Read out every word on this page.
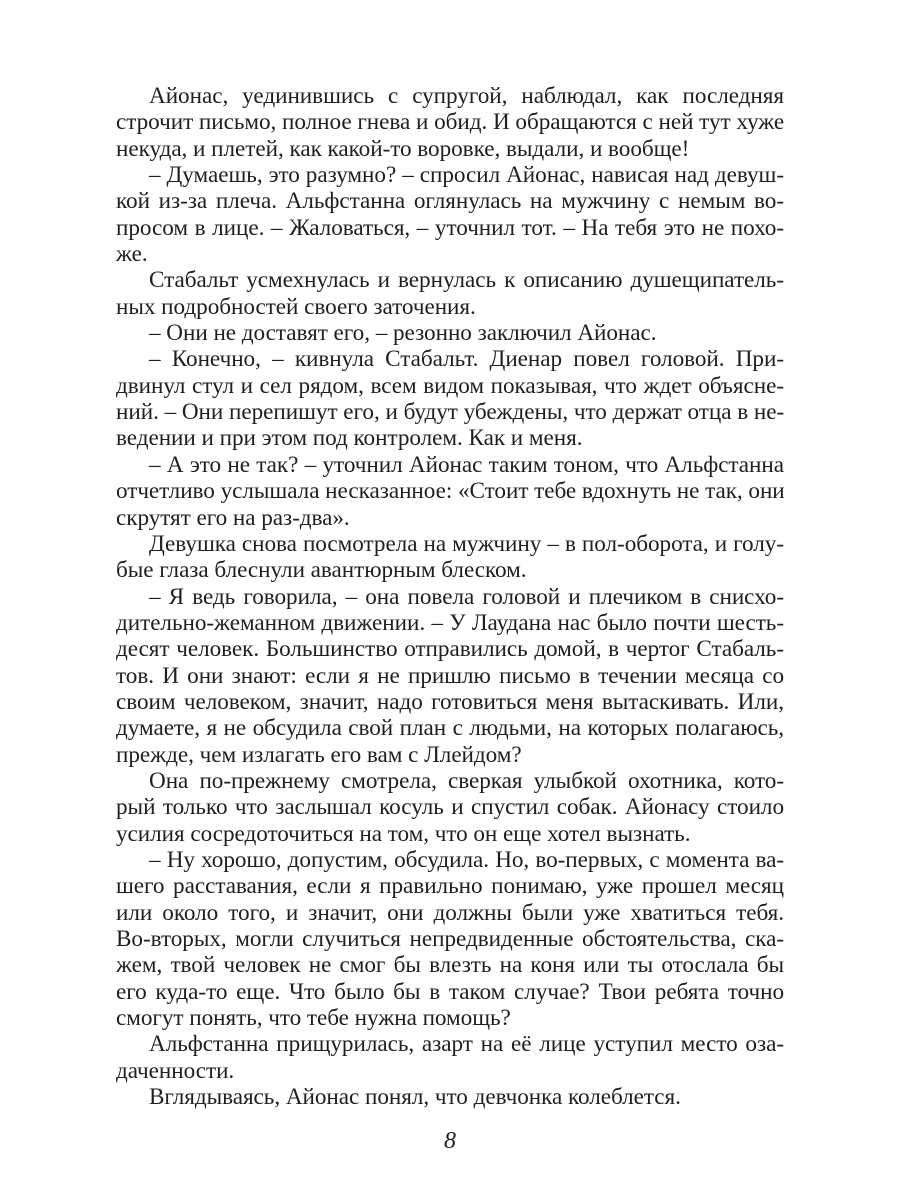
Айонас, уединившись с супругой, наблюдал, как последняя
строчит письмо, полное гнева и обид. И обращаются с ней тут хуже
некуда, и плетей, как какой-то воровке, выдали, и вообще!
– Думаешь, это разумно? – спросил Айонас, нависая над девуш-
кой из-за плеча. Альфстанна оглянулась на мужчину с немым во-
просом в лице. – Жаловаться, – уточнил тот. – На тебя это не похо-
же.
Стабальт усмехнулась и вернулась к описанию душещипатель-
ных подробностей своего заточения.
– Они не доставят его, – резонно заключил Айонас.
– Конечно, – кивнула Стабальт. Диенар повел головой. При-
двинул стул и сел рядом, всем видом показывая, что ждет объясне-
ний. – Они перепишут его, и будут убеждены, что держат отца в не-
ведении и при этом под контролем. Как и меня.
– А это не так? – уточнил Айонас таким тоном, что Альфстанна
отчетливо услышала несказанное: «Стоит тебе вдохнуть не так, они
скрутят его на раз-два».
Девушка снова посмотрела на мужчину – в пол-оборота, и голу-
бые глаза блеснули авантюрным блеском.
– Я ведь говорила, – она повела головой и плечиком в снисхо-
дительно-жеманном движении. – У Лаудана нас было почти шесть-
десят человек. Большинство отправились домой, в чертог Стабаль-
тов. И они знают: если я не пришлю письмо в течении месяца со
своим человеком, значит, надо готовиться меня вытаскивать. Или,
думаете, я не обсудила свой план с людьми, на которых полагаюсь,
прежде, чем излагать его вам с Ллейдом?
Она по-прежнему смотрела, сверкая улыбкой охотника, кото-
рый только что заслышал косуль и спустил собак. Айонасу стоило
усилия сосредоточиться на том, что он еще хотел вызнать.
– Ну хорошо, допустим, обсудила. Но, во-первых, с момента ва-
шего расставания, если я правильно понимаю, уже прошел месяц
или около того, и значит, они должны были уже хватиться тебя.
Во-вторых, могли случиться непредвиденные обстоятельства, ска-
жем, твой человек не смог бы влезть на коня или ты отослала бы
его куда-то еще. Что было бы в таком случае? Твои ребята точно
смогут понять, что тебе нужна помощь?
Альфстанна прищурилась, азарт на её лице уступил место оза-
даченности.
Вглядываясь, Айонас понял, что девчонка колеблется.
8
